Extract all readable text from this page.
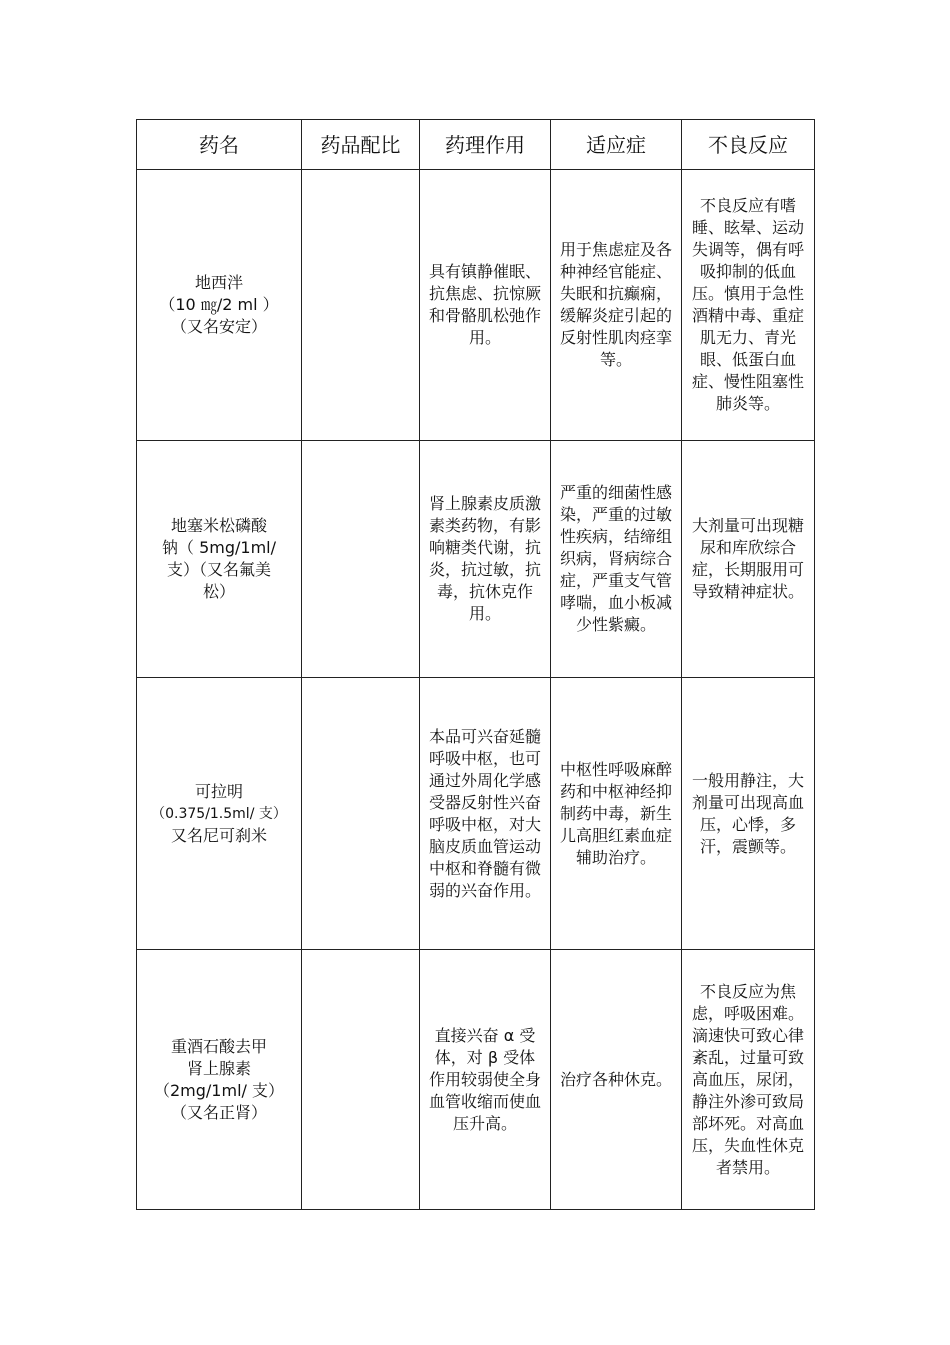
药名	药品配比	药理作用	适应症	不良反应

地西泮
（10 ㎎/2 ml ）
（又名安定）		具有镇静催眠、抗焦虑、抗惊厥和骨骼肌松弛作用。	用于焦虑症及各种神经官能症、失眠和抗癫痫，缓解炎症引起的反射性肌肉痉挛等。	不良反应有嗜睡、眩晕、运动失调等，偶有呼吸抑制的低血压。慎用于急性酒精中毒、重症肌无力、青光眼、低蛋白血症、慢性阻塞性肺炎等。

地塞米松磷酸
钠（ 5mg/1ml/
支）（又名氟美
松）		肾上腺素皮质激素类药物，有影响糖类代谢，抗炎，抗过敏，抗毒，抗休克作用。	严重的细菌性感染，严重的过敏性疾病，结缔组织病，肾病综合症，严重支气管哮喘，血小板减少性紫癜。	大剂量可出现糖尿和库欣综合症，长期服用可导致精神症状。

可拉明
（0.375/1.5ml/ 支）
又名尼可刹米		本品可兴奋延髓呼吸中枢，也可通过外周化学感受器反射性兴奋呼吸中枢，对大脑皮质血管运动中枢和脊髓有微弱的兴奋作用。	中枢性呼吸麻醉药和中枢神经抑制药中毒，新生儿高胆红素血症辅助治疗。	一般用静注，大剂量可出现高血压，心悸，多汗，震颤等。

重酒石酸去甲
肾上腺素
（2mg/1ml/ 支）
（又名正肾）		直接兴奋 α 受体，对 β 受体作用较弱使全身血管收缩而使血压升高。	治疗各种休克。	不良反应为焦虑，呼吸困难。滴速快可致心律紊乱，过量可致高血压，尿闭，静注外渗可致局部坏死。对高血压，失血性休克者禁用。
